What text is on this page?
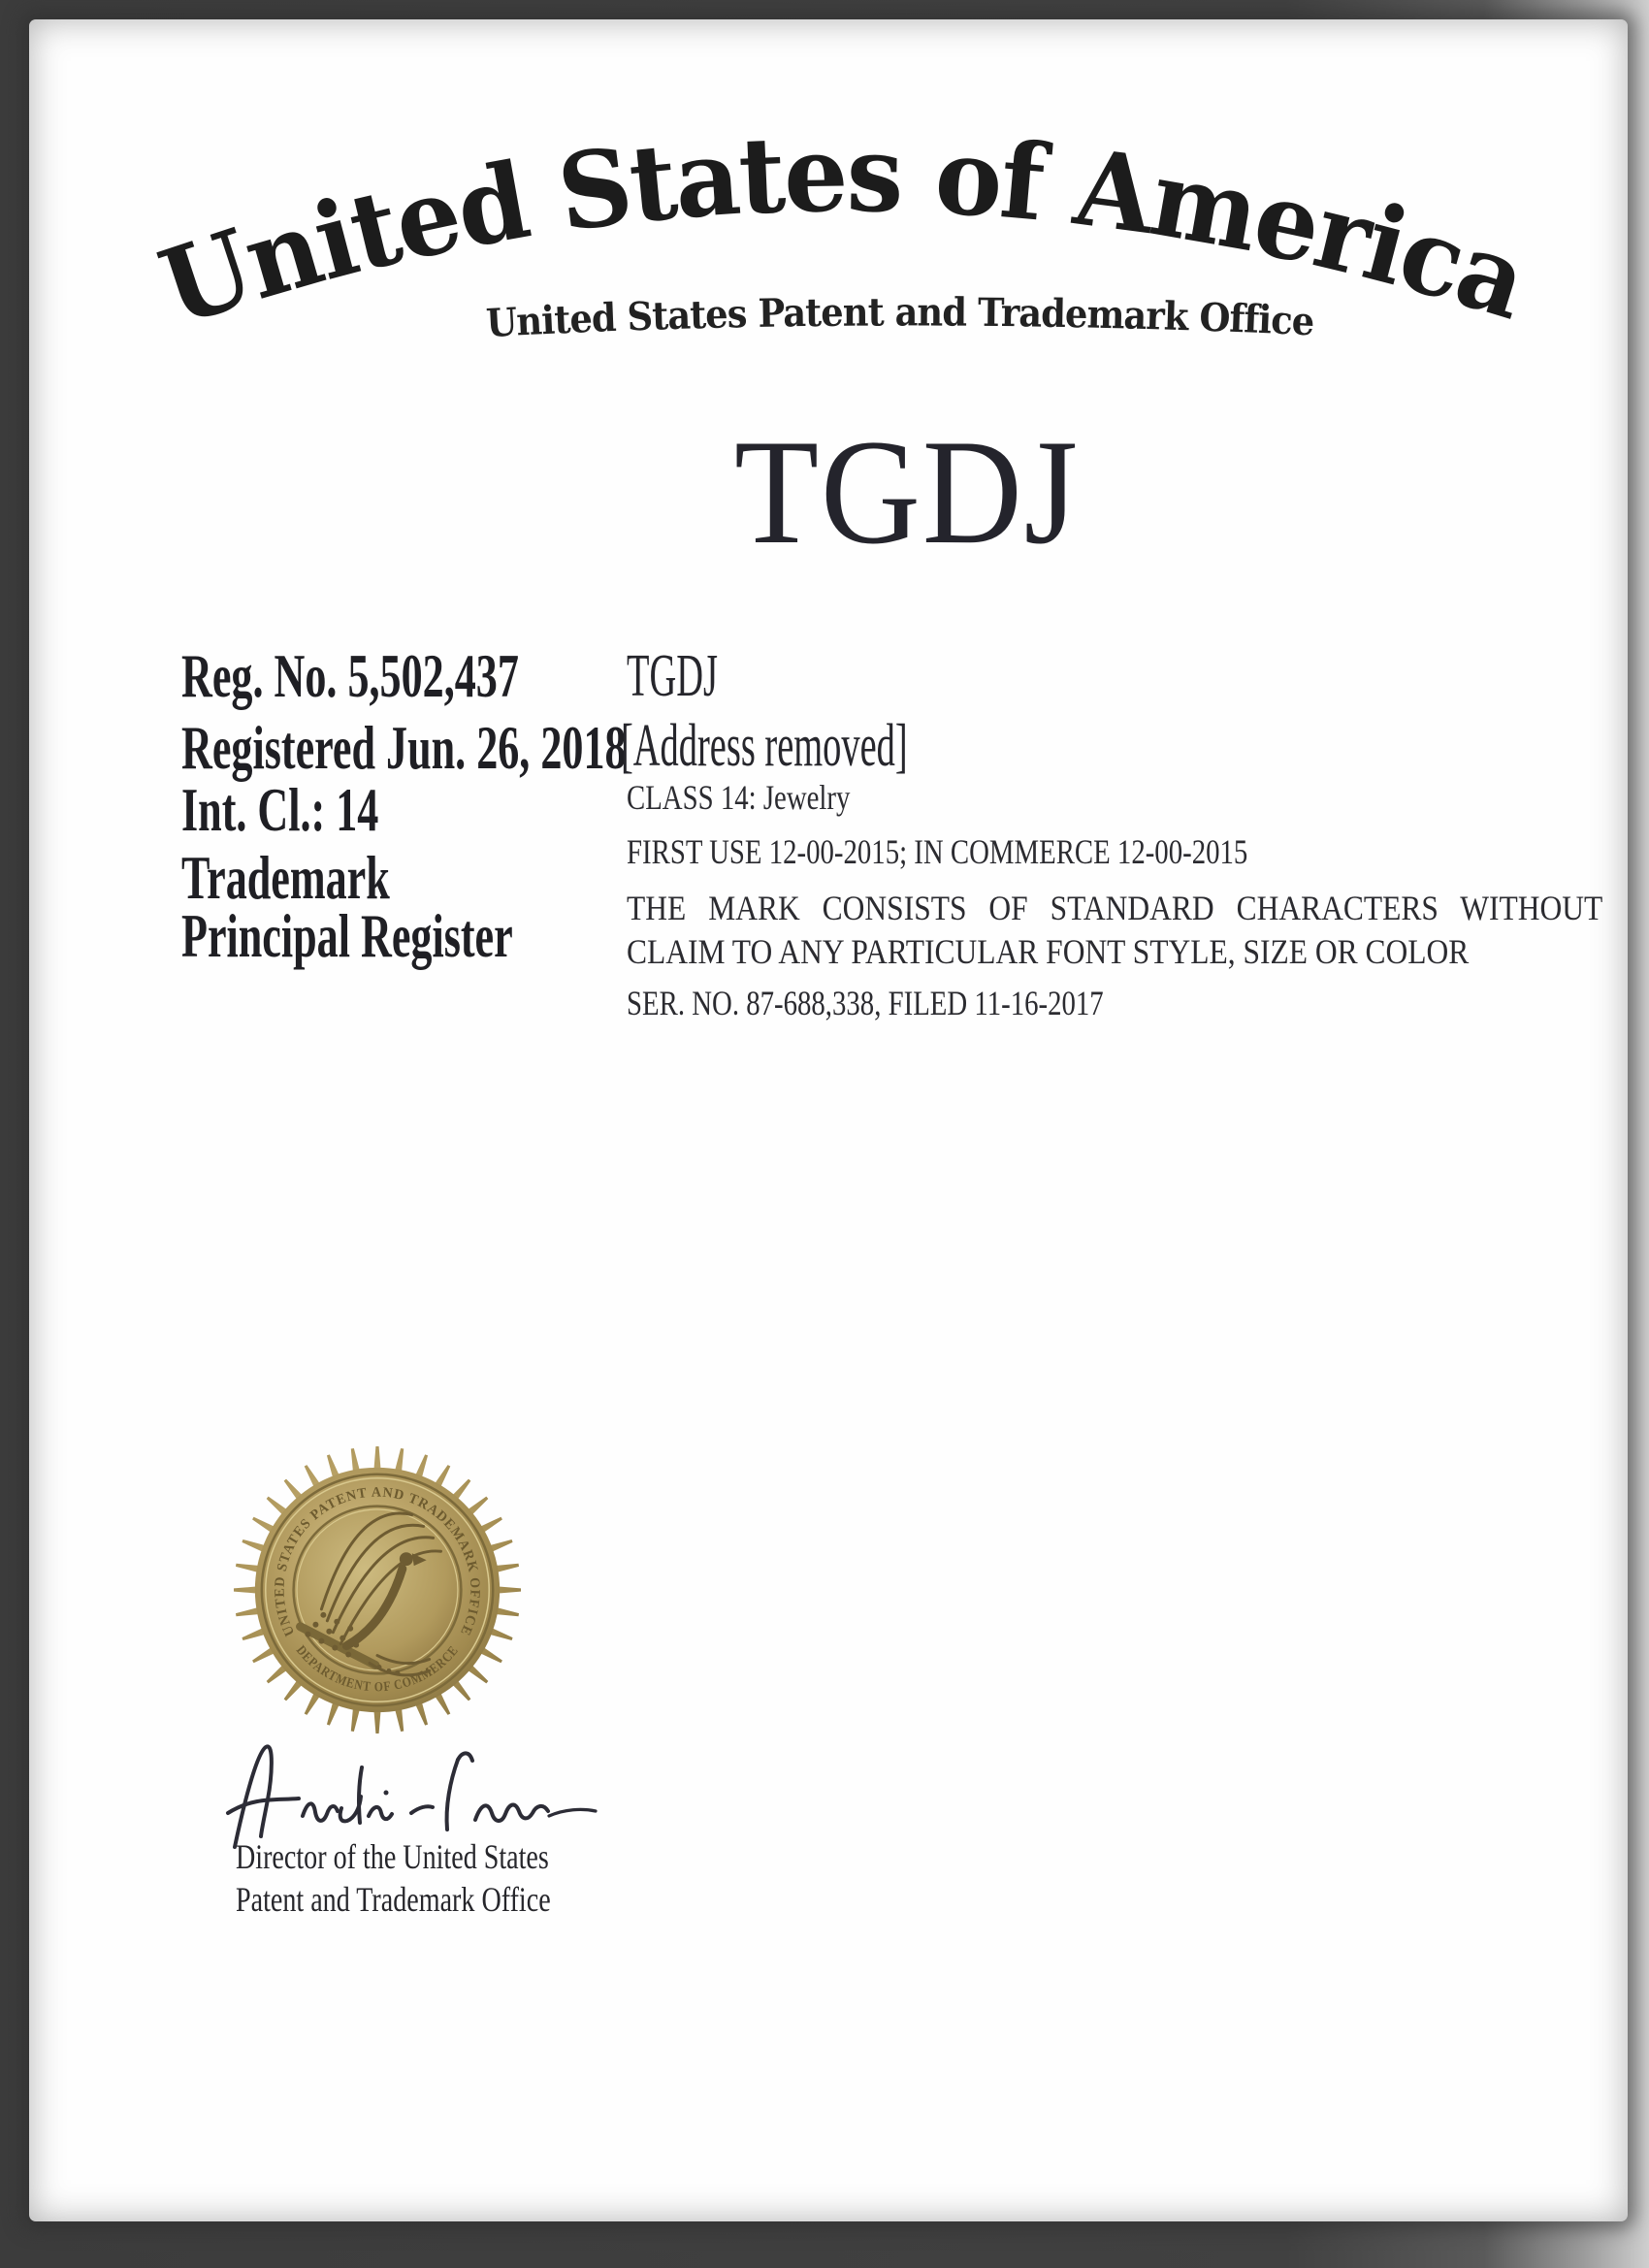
United States of America
United States Patent and Trademark Office
TGDJ
Reg. No. 5,502,437
Registered Jun. 26, 2018
Int. Cl.: 14
Trademark
Principal Register
TGDJ
[Address removed]
CLASS 14: Jewelry
FIRST USE 12-00-2015; IN COMMERCE 12-00-2015
THE MARK CONSISTS OF STANDARD CHARACTERS WITHOUT CLAIM TO ANY PARTICULAR FONT STYLE, SIZE OR COLOR
SER. NO. 87-688,338, FILED 11-16-2017
UNITED STATES PATENT AND TRADEMARK OFFICE
DEPARTMENT OF COMMERCE
Director of the United States
Patent and Trademark Office
